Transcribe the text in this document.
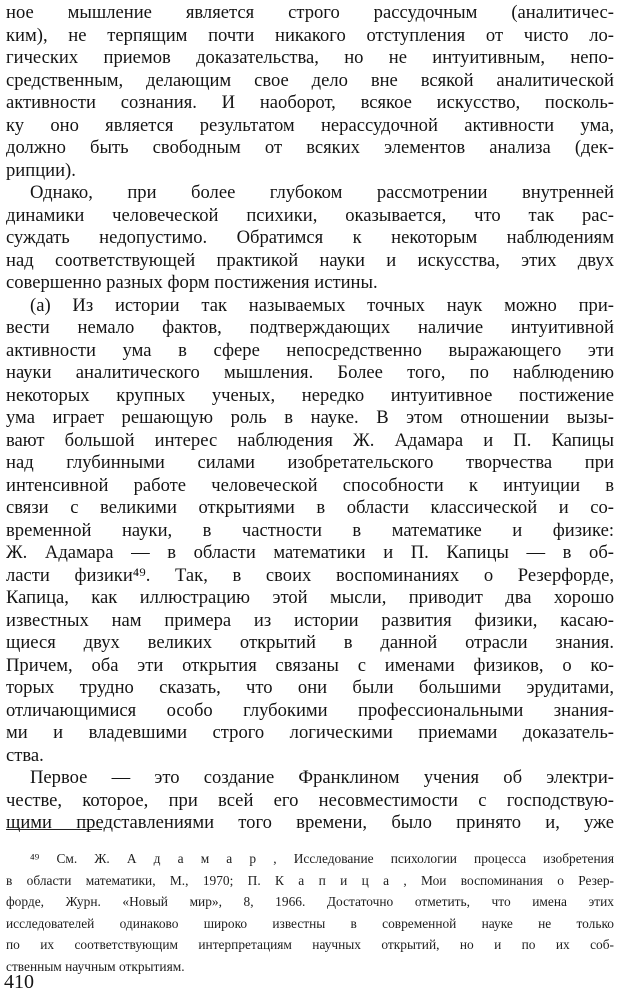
ное мышление является строго рассудочным (аналитичес-
ким), не терпящим почти никакого отступления от чисто ло-
гических приемов доказательства, но не интуитивным, непо-
средственным, делающим свое дело вне всякой аналитической
активности сознания. И наоборот, всякое искусство, посколь-
ку оно является результатом нерассудочной активности ума,
должно быть свободным от всяких элементов анализа (дек-
рипции).
Однако, при более глубоком рассмотрении внутренней
динамики человеческой психики, оказывается, что так рас-
суждать недопустимо. Обратимся к некоторым наблюдениям
над соответствующей практикой науки и искусства, этих двух
совершенно разных форм постижения истины.
(а) Из истории так называемых точных наук можно при-
вести немало фактов, подтверждающих наличие интуитивной
активности ума в сфере непосредственно выражающего эти
науки аналитического мышления. Более того, по наблюдению
некоторых крупных ученых, нередко интуитивное постижение
ума играет решающую роль в науке. В этом отношении вызы-
вают большой интерес наблюдения Ж. Адамара и П. Капицы
над глубинными силами изобретательского творчества при
интенсивной работе человеческой способности к интуиции в
связи с великими открытиями в области классической и со-
временной науки, в частности в математике и физике:
Ж. Адамара — в области математики и П. Капицы — в об-
ласти физики⁴⁹. Так, в своих воспоминаниях о Резерфорде,
Капица, как иллюстрацию этой мысли, приводит два хорошо
известных нам примера из истории развития физики, касаю-
щиеся двух великих открытий в данной отрасли знания.
Причем, оба эти открытия связаны с именами физиков, о ко-
торых трудно сказать, что они были большими эрудитами,
отличающимися особо глубокими профессиональными знания-
ми и владевшими строго логическими приемами доказатель-
ства.
Первое — это создание Франклином учения об электри-
честве, которое, при всей его несовместимости с господствую-
щими представлениями того времени, было принято и, уже
⁴⁹ См. Ж. А д а м а р , Исследование психологии процесса изобретения
в области математики, М., 1970; П. К а п и ц а , Мои воспоминания о Резер-
форде, Журн. «Новый мир», 8, 1966. Достаточно отметить, что имена этих
исследователей одинаково широко известны в современной науке не только
по их соответствующим интерпретациям научных открытий, но и по их соб-
ственным научным открытиям.
410
